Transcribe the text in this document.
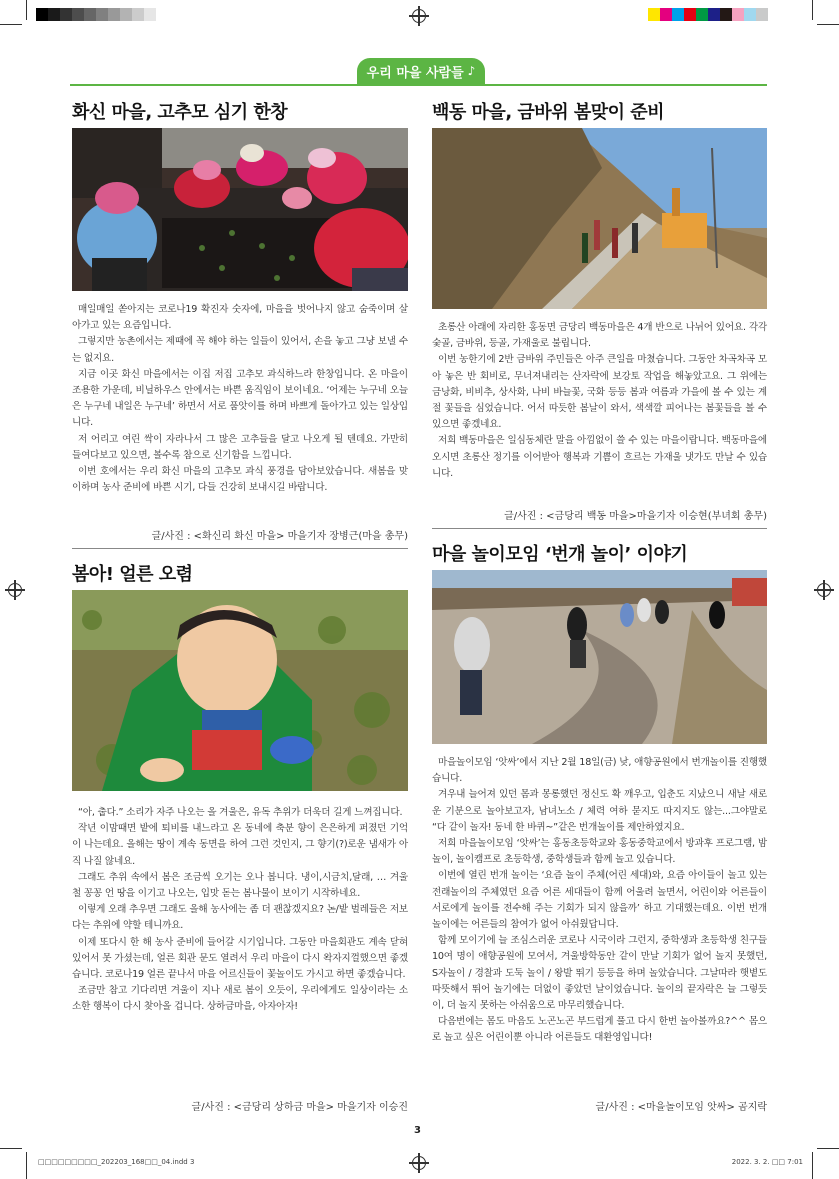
우리 마을 사람들 ♪
화신 마을, 고추모 심기 한창

매일매일 쏟아지는 코로나19 확진자 숫자에, 마을을 벗어나지 않고 숨죽이며 살아가고 있는 요즘입니다.

그렇지만 농촌에서는 제때에 꼭 해야 하는 일들이 있어서, 손을 놓고 그냥 보낼 수는 없지요.

지금 이곳 화신 마을에서는 이집 저집 고추모 과식하느라 한창입니다. 온 마을이 조용한 가운데, 비닐하우스 안에서는 바쁜 움직임이 보이네요. ‘어제는 누구네 오늘은 누구네 내일은 누구네’ 하면서 서로 품앗이를 하며 바쁘게 돌아가고 있는 일상입니다.

저 어리고 여린 싹이 자라나서 그 많은 고추들을 달고 나오게 될 텐데요. 가만히 들여다보고 있으면, 볼수록 참으로 신기함을 느낍니다.

이번 호에서는 우리 화신 마을의 고추모 과식 풍경을 담아보았습니다. 새봄을 맞이하며 농사 준비에 바쁜 시기, 다들 건강히 보내시길 바랍니다.

글/사진 : <화신리 화신 마을> 마을기자 장병근(마을 총무)
봄아! 얼른 오렴

“아, 춥다.” 소리가 자주 나오는 올 겨울은, 유독 추위가 더욱더 길게 느껴집니다.

작년 이맘때면 밭에 퇴비를 내느라고 온 동네에 축분 향이 은은하게 퍼졌던 기억이 나는데요. 올해는 땅이 계속 동면을 하여 그런 것인지, 그 향기(?)로운 냄새가 아직 나질 않네요.

그래도 추위 속에서 봄은 조금씩 오기는 오나 봅니다. 냉이,시금치,달래, … 겨울철 꽁꽁 언 땅을 이기고 나오는, 입맛 돋는 봄나물이 보이기 시작하네요.

이렇게 오래 추우면 그래도 올해 농사에는 좀 더 괜찮겠지요? 논/밭 벌레들은 저보다는 추위에 약할 테니까요.

이제 또다시 한 해 농사 준비에 들어갈 시기입니다. 그동안 마을회관도 계속 닫혀 있어서 못 가셨는데, 얼른 회관 문도 열려서 우리 마을이 다시 왁자지껄했으면 좋겠습니다. 코로나19 얼른 끝나서 마을 어르신들이 꽃놀이도 가시고 하면 좋겠습니다.

조금만 참고 기다리면 겨울이 지나 새로 봄이 오듯이, 우리에게도 일상이라는 소소한 행복이 다시 찾아올 겁니다. 상하금마을, 아자아자!

글/사진 : <금당리 상하금 마을> 마을기자 이승진
백동 마을, 금바위 봄맞이 준비

초롱산 아래에 자리한 홍동면 금당리 백동마을은 4개 반으로 나뉘어 있어요. 각각 숯골, 금바위, 등골, 가재울로 불립니다.

이번 농한기에 2반 금바위 주민들은 아주 큰일을 마쳤습니다. 그동안 차곡차곡 모아 놓은 반 회비로, 무너져내리는 산자락에 보강토 작업을 해놓았고요. 그 위에는 금낭화, 비비추, 상사화, 나비 바늘꽃, 국화 등등 봄과 여름과 가을에 볼 수 있는 계절 꽃들을 심었습니다. 어서 따듯한 봄날이 와서, 색색깔 피어나는 봄꽃들을 볼 수 있으면 좋겠네요.

저희 백동마을은 일심동체란 말을 아낌없이 쓸 수 있는 마을이랍니다. 백동마을에 오시면 초롱산 정기를 이어받아 행복과 기쁨이 흐르는 가재울 냇가도 만날 수 있습니다.

글/사진 : <금당리 백동 마을>마을기자 이승현(부녀회 총무)
마을 놀이모임 ‘번개 놀이’ 이야기

마을놀이모임 ‘앗싸’에서 지난 2월 18일(금) 낮, 애향공원에서 번개놀이를 진행했습니다.

겨우내 늘어져 있던 몸과 몽롱했던 정신도 확 깨우고, 입춘도 지났으니 새날 새로운 기분으로 놀아보고자, 남녀노소 / 체력 여하 묻지도 따지지도 않는...그야말로 “다 같이 놀자! 동네 한 바퀴~”같은 번개놀이를 제안하였지요.

저희 마을놀이모임 ‘앗싸’는 홍동초등학교와 홍동중학교에서 방과후 프로그램, 밤놀이, 놀이캠프로 초등학생, 중학생들과 함께 놀고 있습니다.

이번에 열린 번개 놀이는 ‘요즘 놀이 주체(어린 세대)와, 요즘 아이들이 놀고 있는 전래놀이의 주체였던 요즘 어른 세대들이 함께 어울려 놀면서, 어린이와 어른들이 서로에게 놀이를 전수해 주는 기회가 되지 않을까’ 하고 기대했는데요. 이번 번개 놀이에는 어른들의 참여가 없어 아쉬웠답니다.

함께 모이기에 늘 조심스러운 코로나 시국이라 그런지, 중학생과 초등학생 친구들 10여 명이 애향공원에 모여서, 겨울방학동안 같이 만날 기회가 없어 놀지 못했던, S자놀이 / 경찰과 도둑 놀이 / 왕발 뛰기 등등을 하며 놀았습니다. 그날따라 햇볕도 따뜻해서 뛰어 놀기에는 더없이 좋았던 날이었습니다. 놀이의 끝자락은 늘 그렇듯이, 더 놀지 못하는 아쉬움으로 마무리했습니다.

다음번에는 몸도 마음도 노곤노곤 부드럽게 풀고 다시 한번 놀아볼까요?^^ 몸으로 놀고 싶은 어린이뿐 아니라 어른들도 대환영입니다!

글/사진 : <마을놀이모임 앗싸> 곰지락
3
□□□□□□□□□_202203_168□□_04.indd 3	2022. 3. 2. □□ 7:01
